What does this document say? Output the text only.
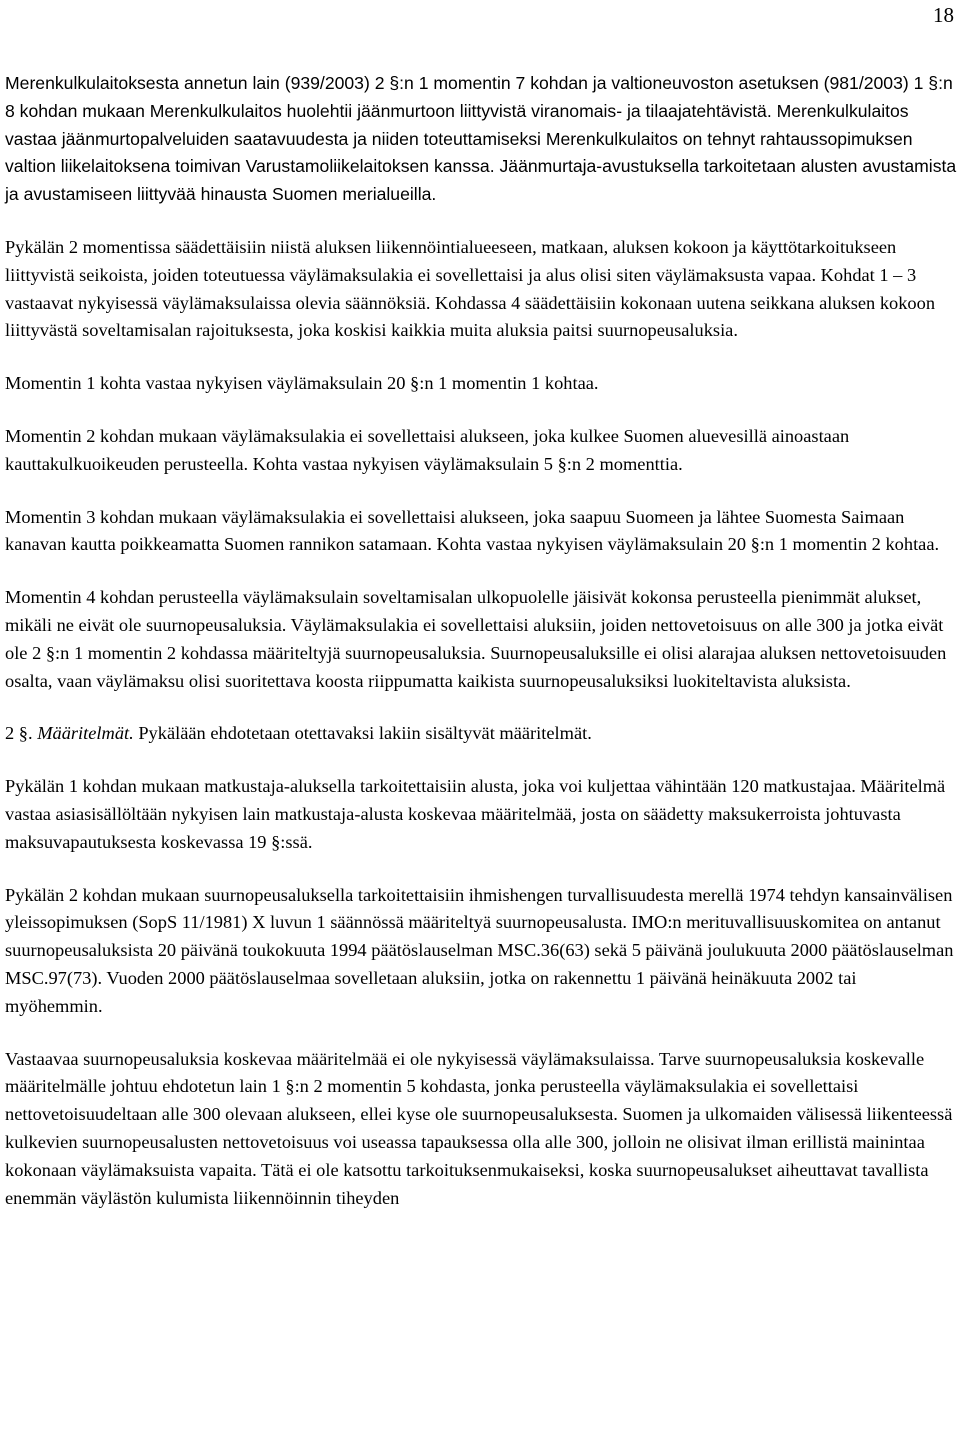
18

Merenkulkulaitoksesta annetun lain (939/2003) 2 §:n 1 momentin 7 kohdan ja valtioneuvoston asetuksen (981/2003) 1 §:n 8 kohdan mukaan Merenkulkulaitos huolehtii jäänmurtoon liittyvistä viranomais- ja tilaajatehtävistä. Merenkulkulaitos vastaa jäänmurtopalveluiden saatavuudesta ja niiden toteuttamiseksi Merenkulkulaitos on tehnyt rahtaussopimuksen valtion liikelaitoksena toimivan Varustamoliikelaitoksen kanssa. Jäänmurtaja-avustuksella tarkoitetaan alusten avustamista ja avustamiseen liittyvää hinausta Suomen merialueilla.

Pykälän 2 momentissa säädettäisiin niistä aluksen liikennöintialueeseen, matkaan, aluksen kokoon ja käyttötarkoitukseen liittyvistä seikoista, joiden toteutuessa väylämaksulakia ei sovellettaisi ja alus olisi siten väylämaksusta vapaa. Kohdat 1 – 3 vastaavat nykyisessä väylämaksulaissa olevia säännöksiä. Kohdassa 4 säädettäisiin kokonaan uutena seikkana aluksen kokoon liittyvästä soveltamisalan rajoituksesta, joka koskisi kaikkia muita aluksia paitsi suurnopeusaluksia.

Momentin 1 kohta vastaa nykyisen väylämaksulain 20 §:n 1 momentin 1 kohtaa.

Momentin 2 kohdan mukaan väylämaksulakia ei sovellettaisi alukseen, joka kulkee Suomen aluevesillä ainoastaan kauttakulkuoikeuden perusteella. Kohta vastaa nykyisen väylämaksulain 5 §:n 2 momenttia.

Momentin 3 kohdan mukaan väylämaksulakia ei sovellettaisi alukseen, joka saapuu Suomeen ja lähtee Suomesta Saimaan kanavan kautta poikkeamatta Suomen rannikon satamaan. Kohta vastaa nykyisen väylämaksulain 20 §:n 1 momentin 2 kohtaa.

Momentin 4 kohdan perusteella väylämaksulain soveltamisalan ulkopuolelle jäisivät kokonsa perusteella pienimmät alukset, mikäli ne eivät ole suurnopeusaluksia. Väylämaksulakia ei sovellettaisi aluksiin, joiden nettovetoisuus on alle 300 ja jotka eivät ole 2 §:n 1 momentin 2 kohdassa määriteltyjä suurnopeusaluksia. Suurnopeusaluksille ei olisi alarajaa aluksen nettovetoisuuden osalta, vaan väylämaksu olisi suoritettava koosta riippumatta kaikista suurnopeusaluksiksi luokiteltavista aluksista.

2 §. Määritelmät. Pykälään ehdotetaan otettavaksi lakiin sisältyvät määritelmät.

Pykälän 1 kohdan mukaan matkustaja-aluksella tarkoitettaisiin alusta, joka voi kuljettaa vähintään 120 matkustajaa. Määritelmä vastaa asiasisällöltään nykyisen lain matkustaja-alusta koskevaa määritelmää, josta on säädetty maksukerroista johtuvasta maksuvapautuksesta koskevassa 19 §:ssä.

Pykälän 2 kohdan mukaan suurnopeusaluksella tarkoitettaisiin ihmishengen turvallisuudesta merellä 1974 tehdyn kansainvälisen yleissopimuksen (SopS 11/1981) X luvun 1 säännössä määriteltyä suurnopeusalusta. IMO:n merituvallisuuskomitea on antanut suurnopeusaluksista 20 päivänä toukokuuta 1994 päätöslauselman MSC.36(63) sekä 5 päivänä joulukuuta 2000 päätöslauselman MSC.97(73). Vuoden 2000 päätöslauselmaa sovelletaan aluksiin, jotka on rakennettu 1 päivänä heinäkuuta 2002 tai myöhemmin.

Vastaavaa suurnopeusaluksia koskevaa määritelmää ei ole nykyisessä väylämaksulaissa. Tarve suurnopeusaluksia koskevalle määritelmälle johtuu ehdotetun lain 1 §:n 2 momentin 5 kohdasta, jonka perusteella väylämaksulakia ei sovellettaisi nettovetoisuudeltaan alle 300 olevaan alukseen, ellei kyse ole suurnopeusaluksesta. Suomen ja ulkomaiden välisessä liikenteessä kulkevien suurnopeusalusten nettovetoisuus voi useassa tapauksessa olla alle 300, jolloin ne olisivat ilman erillistä mainintaa kokonaan väylämaksuista vapaita. Tätä ei ole katsottu tarkoituksenmukaiseksi, koska suurnopeusalukset aiheuttavat tavallista enemmän väylästön kulumista liikennöinnin tiheyden
